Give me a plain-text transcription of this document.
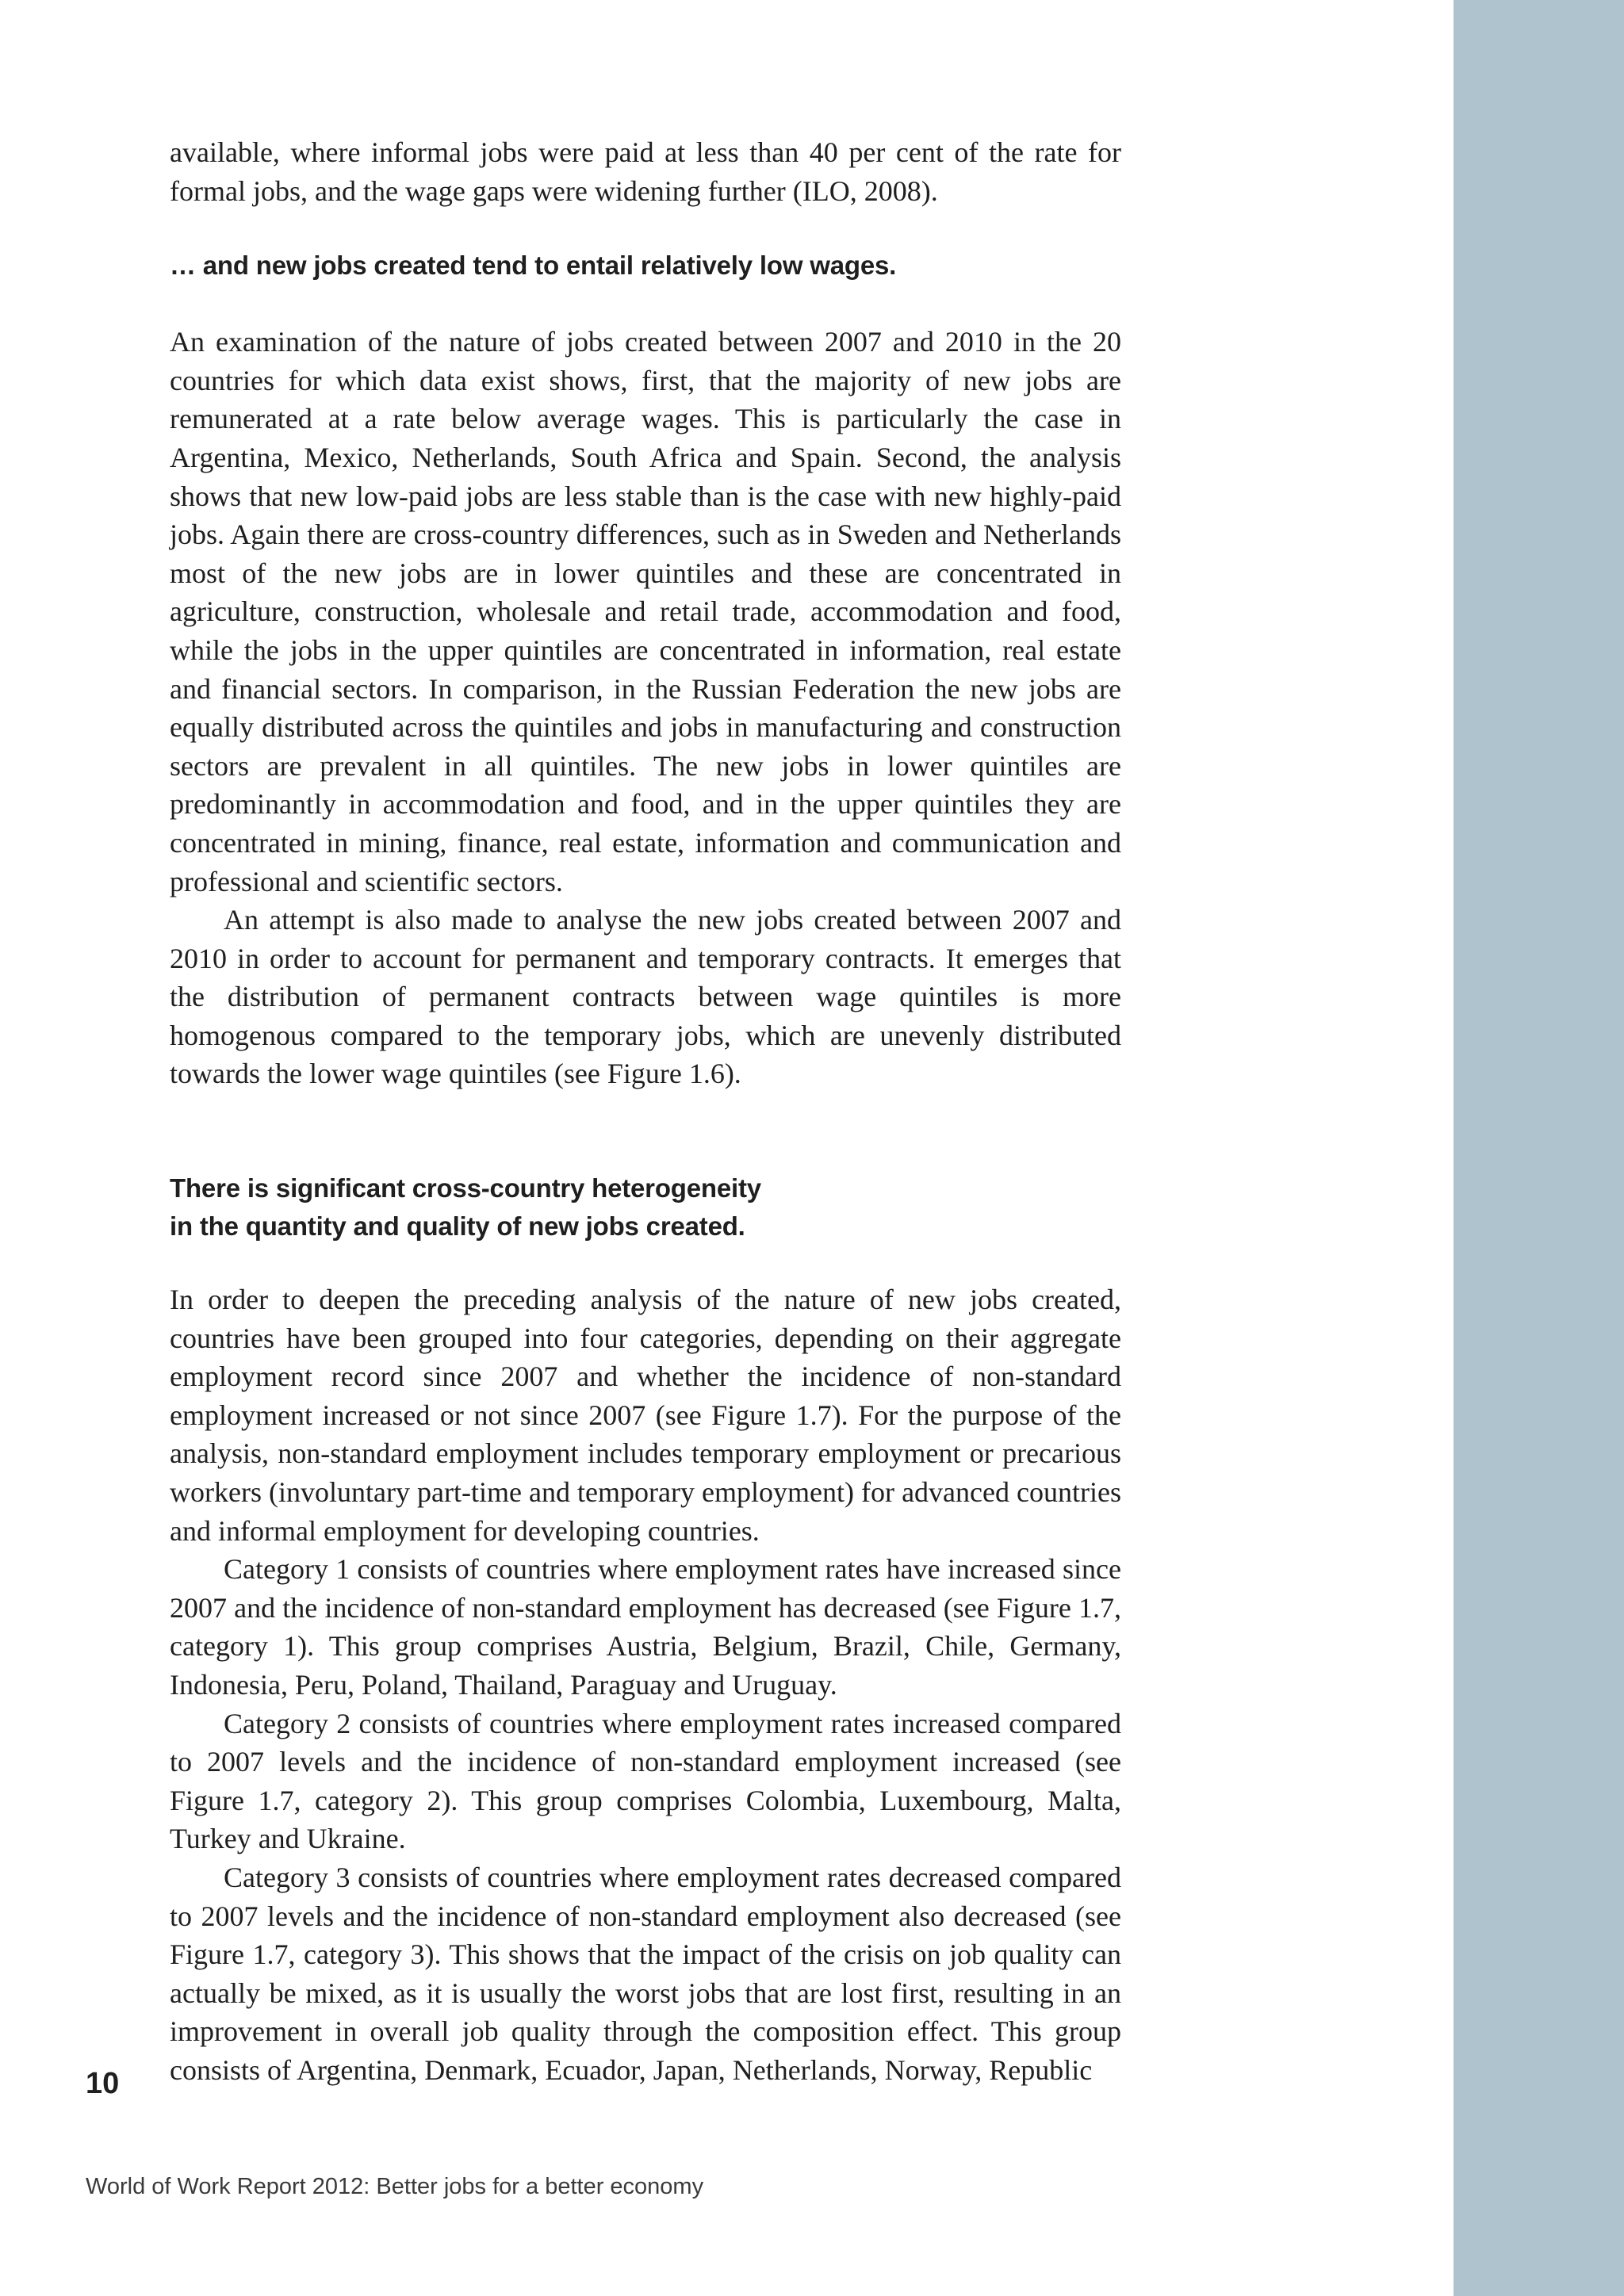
available, where informal jobs were paid at less than 40 per cent of the rate for formal jobs, and the wage gaps were widening further (ILO, 2008).

… and new jobs created tend to entail relatively low wages.

An examination of the nature of jobs created between 2007 and 2010 in the 20 countries for which data exist shows, first, that the majority of new jobs are remunerated at a rate below average wages. This is particularly the case in Argentina, Mexico, Netherlands, South Africa and Spain. Second, the analysis shows that new low-paid jobs are less stable than is the case with new highly-paid jobs. Again there are cross-country differences, such as in Sweden and Netherlands most of the new jobs are in lower quintiles and these are concentrated in agriculture, construction, wholesale and retail trade, accommodation and food, while the jobs in the upper quintiles are concentrated in information, real estate and financial sectors. In comparison, in the Russian Federation the new jobs are equally distributed across the quintiles and jobs in manufacturing and construction sectors are prevalent in all quintiles. The new jobs in lower quintiles are predominantly in accommodation and food, and in the upper quintiles they are concentrated in mining, finance, real estate, information and communication and professional and scientific sectors.

An attempt is also made to analyse the new jobs created between 2007 and 2010 in order to account for permanent and temporary contracts. It emerges that the distribution of permanent contracts between wage quintiles is more homogenous compared to the temporary jobs, which are unevenly distributed towards the lower wage quintiles (see Figure 1.6).

There is significant cross-country heterogeneity
in the quantity and quality of new jobs created.

In order to deepen the preceding analysis of the nature of new jobs created, countries have been grouped into four categories, depending on their aggregate employment record since 2007 and whether the incidence of non-standard employment increased or not since 2007 (see Figure 1.7). For the purpose of the analysis, non-standard employment includes temporary employment or precarious workers (involuntary part-time and temporary employment) for advanced countries and informal employment for developing countries.

Category 1 consists of countries where employment rates have increased since 2007 and the incidence of non-standard employment has decreased (see Figure 1.7, category 1). This group comprises Austria, Belgium, Brazil, Chile, Germany, Indonesia, Peru, Poland, Thailand, Paraguay and Uruguay.

Category 2 consists of countries where employment rates increased compared to 2007 levels and the incidence of non-standard employment increased (see Figure 1.7, category 2). This group comprises Colombia, Luxembourg, Malta, Turkey and Ukraine.

Category 3 consists of countries where employment rates decreased compared to 2007 levels and the incidence of non-standard employment also decreased (see Figure 1.7, category 3). This shows that the impact of the crisis on job quality can actually be mixed, as it is usually the worst jobs that are lost first, resulting in an improvement in overall job quality through the composition effect. This group consists of Argentina, Denmark, Ecuador, Japan, Netherlands, Norway, Republic

10
World of Work Report 2012: Better jobs for a better economy
